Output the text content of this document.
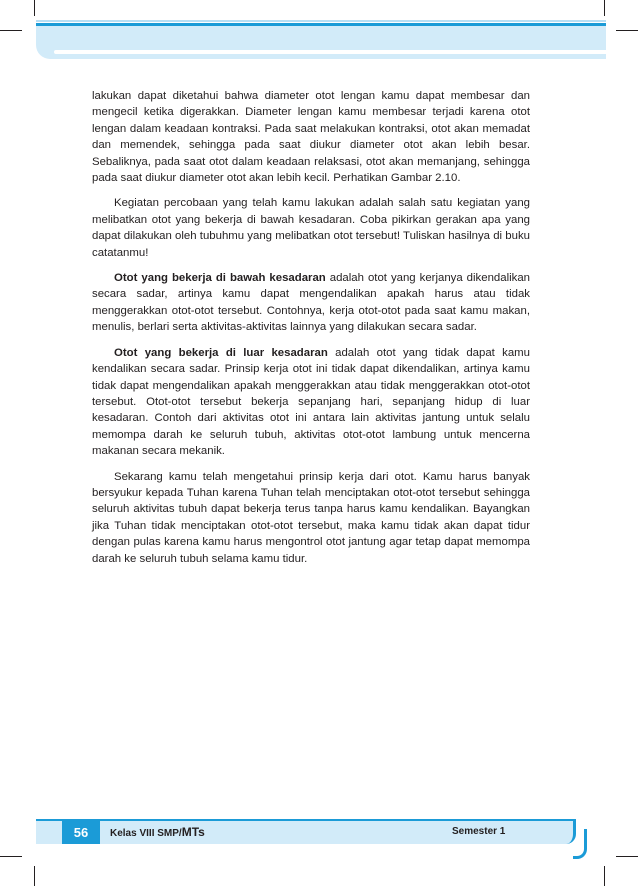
lakukan dapat diketahui bahwa diameter otot lengan kamu dapat membesar dan mengecil ketika digerakkan. Diameter lengan kamu membesar terjadi karena otot lengan dalam keadaan kontraksi. Pada saat melakukan kontraksi, otot akan memadat dan memendek, sehingga pada saat diukur diameter otot akan lebih besar. Sebaliknya, pada saat otot dalam keadaan relaksasi, otot akan memanjang, sehingga pada saat diukur diameter otot akan lebih kecil. Perhatikan Gambar 2.10.

Kegiatan percobaan yang telah kamu lakukan adalah salah satu kegiatan yang melibatkan otot yang bekerja di bawah kesadaran. Coba pikirkan gerakan apa yang dapat dilakukan oleh tubuhmu yang melibatkan otot tersebut! Tuliskan hasilnya di buku catatanmu!

Otot yang bekerja di bawah kesadaran adalah otot yang kerjanya dikendalikan secara sadar, artinya kamu dapat mengendalikan apakah harus atau tidak menggerakkan otot-otot tersebut. Contohnya, kerja otot-otot pada saat kamu makan, menulis, berlari serta aktivitas-aktivitas lainnya yang dilakukan secara sadar.

Otot yang bekerja di luar kesadaran adalah otot yang tidak dapat kamu kendalikan secara sadar. Prinsip kerja otot ini tidak dapat dikendalikan, artinya kamu tidak dapat mengendalikan apakah menggerakkan atau tidak menggerakkan otot-otot tersebut. Otot-otot tersebut bekerja sepanjang hari, sepanjang hidup di luar kesadaran. Contoh dari aktivitas otot ini antara lain aktivitas jantung untuk selalu memompa darah ke seluruh tubuh, aktivitas otot-otot lambung untuk mencerna makanan secara mekanik.

Sekarang kamu telah mengetahui prinsip kerja dari otot. Kamu harus banyak bersyukur kepada Tuhan karena Tuhan telah menciptakan otot-otot tersebut sehingga seluruh aktivitas tubuh dapat bekerja terus tanpa harus kamu kendalikan. Bayangkan jika Tuhan tidak menciptakan otot-otot tersebut, maka kamu tidak akan dapat tidur dengan pulas karena kamu harus mengontrol otot jantung agar tetap dapat memompa darah ke seluruh tubuh selama kamu tidur.

56	Kelas VIII SMP/MTs	Semester 1
